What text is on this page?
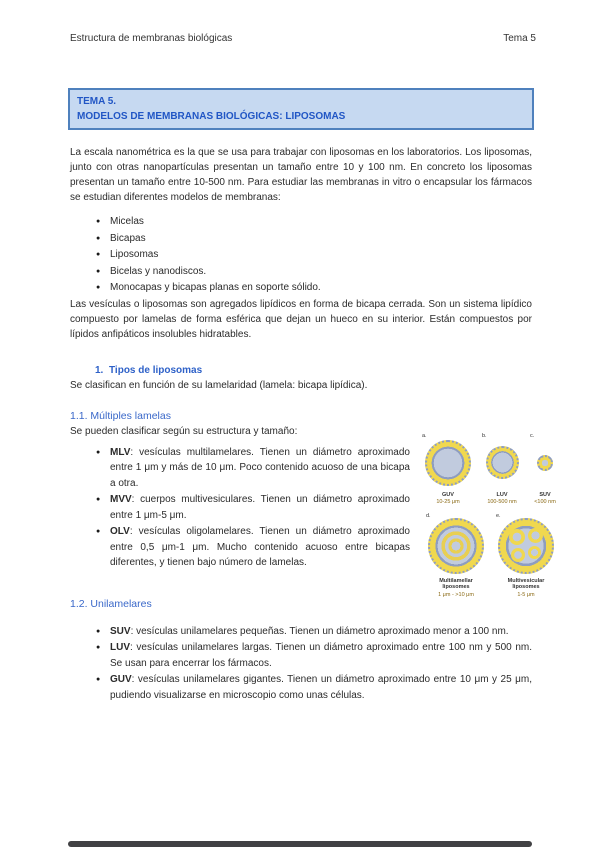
Estructura de membranas biológicas	Tema 5
TEMA 5.
MODELOS DE MEMBRANAS BIOLÓGICAS: LIPOSOMAS

La escala nanométrica es la que se usa para trabajar con liposomas en los laboratorios. Los liposomas, junto con otras nanopartículas presentan un tamaño entre 10 y 100 nm. En concreto los liposomas presentan un tamaño entre 10-500 nm. Para estudiar las membranas in vitro o encapsular los fármacos se estudian diferentes modelos de membranas:

● Micelas
● Bicapas
● Liposomas
● Bicelas y nanodiscos.
● Monocapas y bicapas planas en soporte sólido.

Las vesículas o liposomas son agregados lipídicos en forma de bicapa cerrada. Son un sistema lipídico compuesto por lamelas de forma esférica que dejan un hueco en su interior. Están compuestos por lípidos anfipáticos insolubles hidratables.

1. Tipos de liposomas

Se clasifican en función de su lamelaridad (lamela: bicapa lipídica).

1.1. Múltiples lamelas

Se pueden clasificar según su estructura y tamaño:

● MLV: vesículas multilamelares. Tienen un diámetro aproximado entre 1 μm y más de 10 μm. Poco contenido acuoso de una bicapa a otra.
● MVV: cuerpos multivesiculares. Tienen un diámetro aproximado entre 1 μm-5 μm.
● OLV: vesículas oligolamelares. Tienen un diámetro aproximado entre 0,5 μm-1 μm. Mucho contenido acuoso entre bicapas diferentes, y tienen bajo número de lamelas.
a.
GUV
10-25 μm
b.
LUV
100-500 nm
c.
SUV
<100 nm
d.
Multilamellar liposomes
1 μm - >10 μm
e.
Multivesicular liposomes
1-5 μm
1.2. Unilamelares
● SUV: vesículas unilamelares pequeñas. Tienen un diámetro aproximado menor a 100 nm.
● LUV: vesículas unilamelares largas. Tienen un diámetro aproximado entre 100 nm y 500 nm. Se usan para encerrar los fármacos.
● GUV: vesículas unilamelares gigantes. Tienen un diámetro aproximado entre 10 μm y 25 μm, pudiendo visualizarse en microscopio como unas células.
